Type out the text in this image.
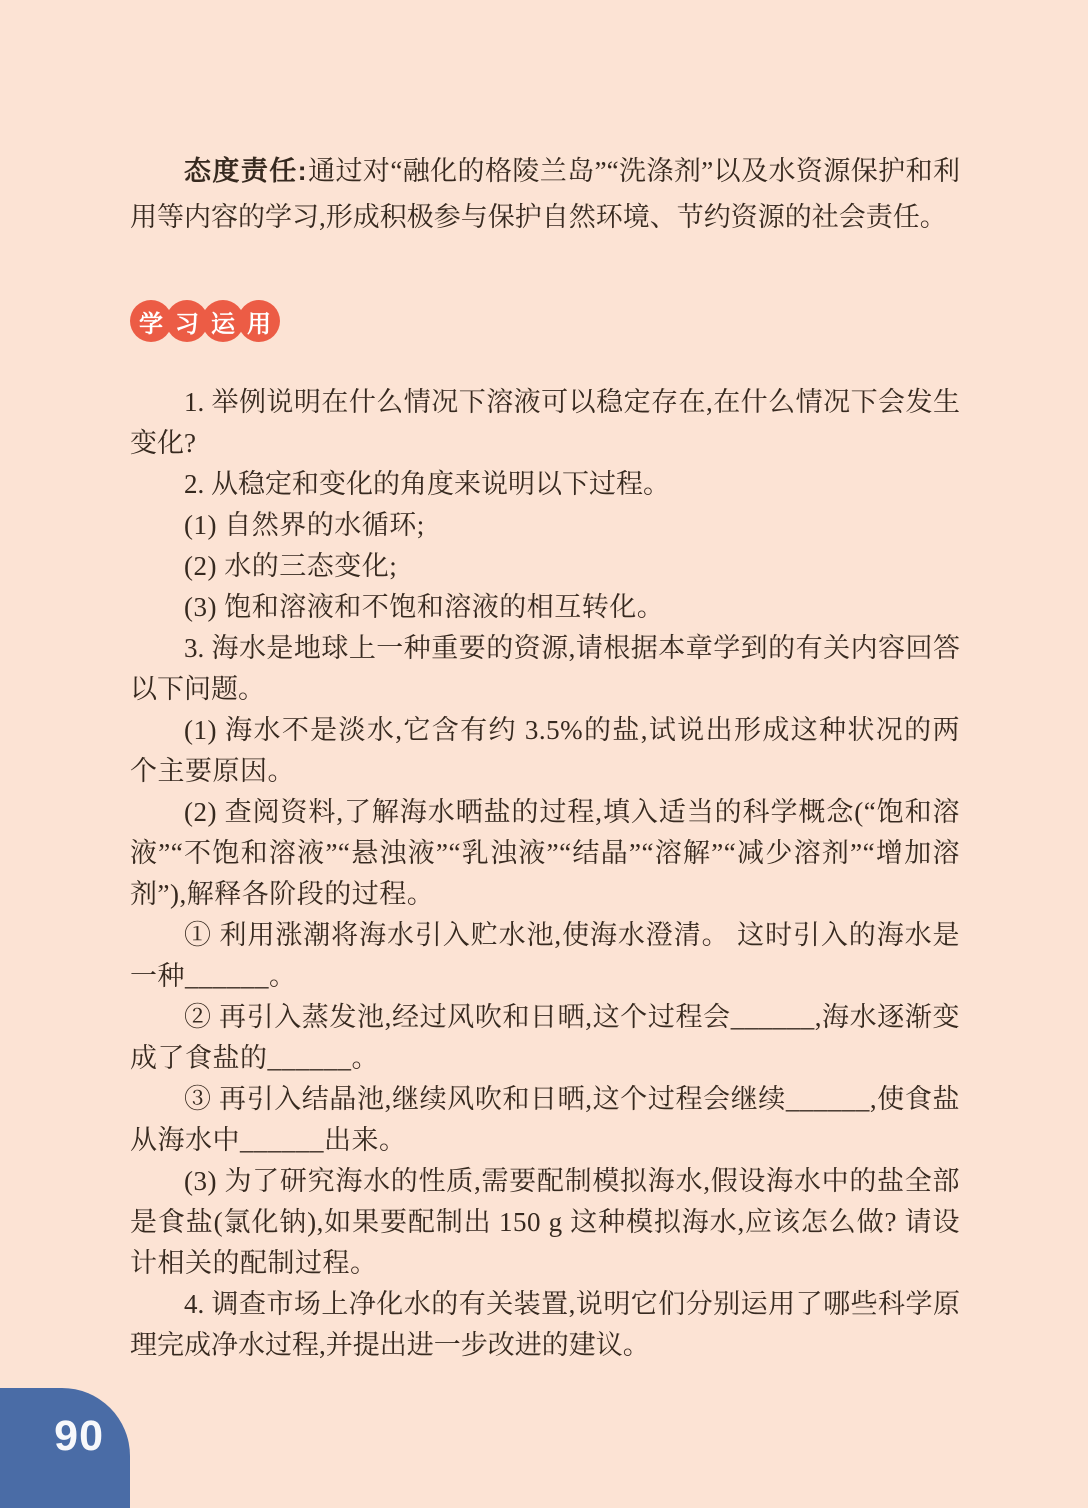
态度责任:通过对“融化的格陵兰岛”“洗涤剂”以及水资源保护和利用等内容的学习,形成积极参与保护自然环境、节约资源的社会责任。

学 习 运 用

1. 举例说明在什么情况下溶液可以稳定存在,在什么情况下会发生变化?

2. 从稳定和变化的角度来说明以下过程。

(1) 自然界的水循环;

(2) 水的三态变化;

(3) 饱和溶液和不饱和溶液的相互转化。

3. 海水是地球上一种重要的资源,请根据本章学到的有关内容回答以下问题。

(1) 海水不是淡水,它含有约 3.5%的盐,试说出形成这种状况的两个主要原因。

(2) 查阅资料,了解海水晒盐的过程,填入适当的科学概念(“饱和溶液”“不饱和溶液”“悬浊液”“乳浊液”“结晶”“溶解”“减少溶剂”“增加溶剂”),解释各阶段的过程。

① 利用涨潮将海水引入贮水池,使海水澄清。 这时引入的海水是一种______。

② 再引入蒸发池,经过风吹和日晒,这个过程会______,海水逐渐变成了食盐的______。

③ 再引入结晶池,继续风吹和日晒,这个过程会继续______,使食盐从海水中______出来。

(3) 为了研究海水的性质,需要配制模拟海水,假设海水中的盐全部是食盐(氯化钠),如果要配制出 150 g 这种模拟海水,应该怎么做? 请设计相关的配制过程。

4. 调查市场上净化水的有关装置,说明它们分别运用了哪些科学原理完成净水过程,并提出进一步改进的建议。

90
